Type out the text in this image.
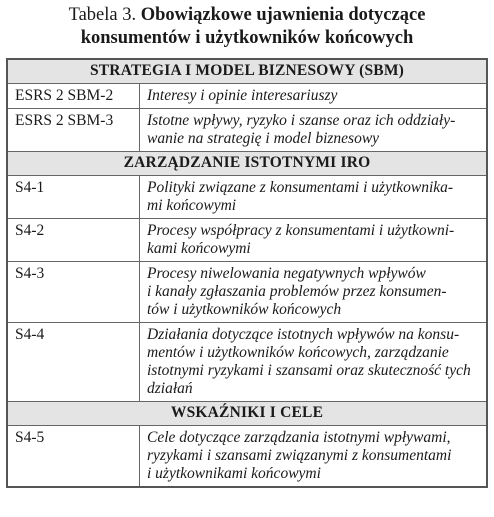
Tabela 3. Obowiązkowe ujawnienia dotyczące
konsumentów i użytkowników końcowych
STRATEGIA I MODEL BIZNESOWY (SBM)	
ESRS 2 SBM-2	Interesy i opinie interesariuszy
ESRS 2 SBM-3	Istotne wpływy, ryzyko i szanse oraz ich oddziały-
wanie na strategię i model biznesowy
ZARZĄDZANIE ISTOTNYMI IRO	
S4-1	Polityki związane z konsumentami i użytkownika-
mi końcowymi
S4-2	Procesy współpracy z konsumentami i użytkowni-
kami końcowymi
S4-3	Procesy niwelowania negatywnych wpływów
i kanały zgłaszania problemów przez konsumen-
tów i użytkowników końcowych
S4-4	Działania dotyczące istotnych wpływów na konsu-
mentów i użytkowników końcowych, zarządzanie
istotnymi ryzykami i szansami oraz skuteczność tych
działań
WSKAŹNIKI I CELE	
S4-5	Cele dotyczące zarządzania istotnymi wpływami,
ryzykami i szansami związanymi z konsumentami
i użytkownikami końcowymi
